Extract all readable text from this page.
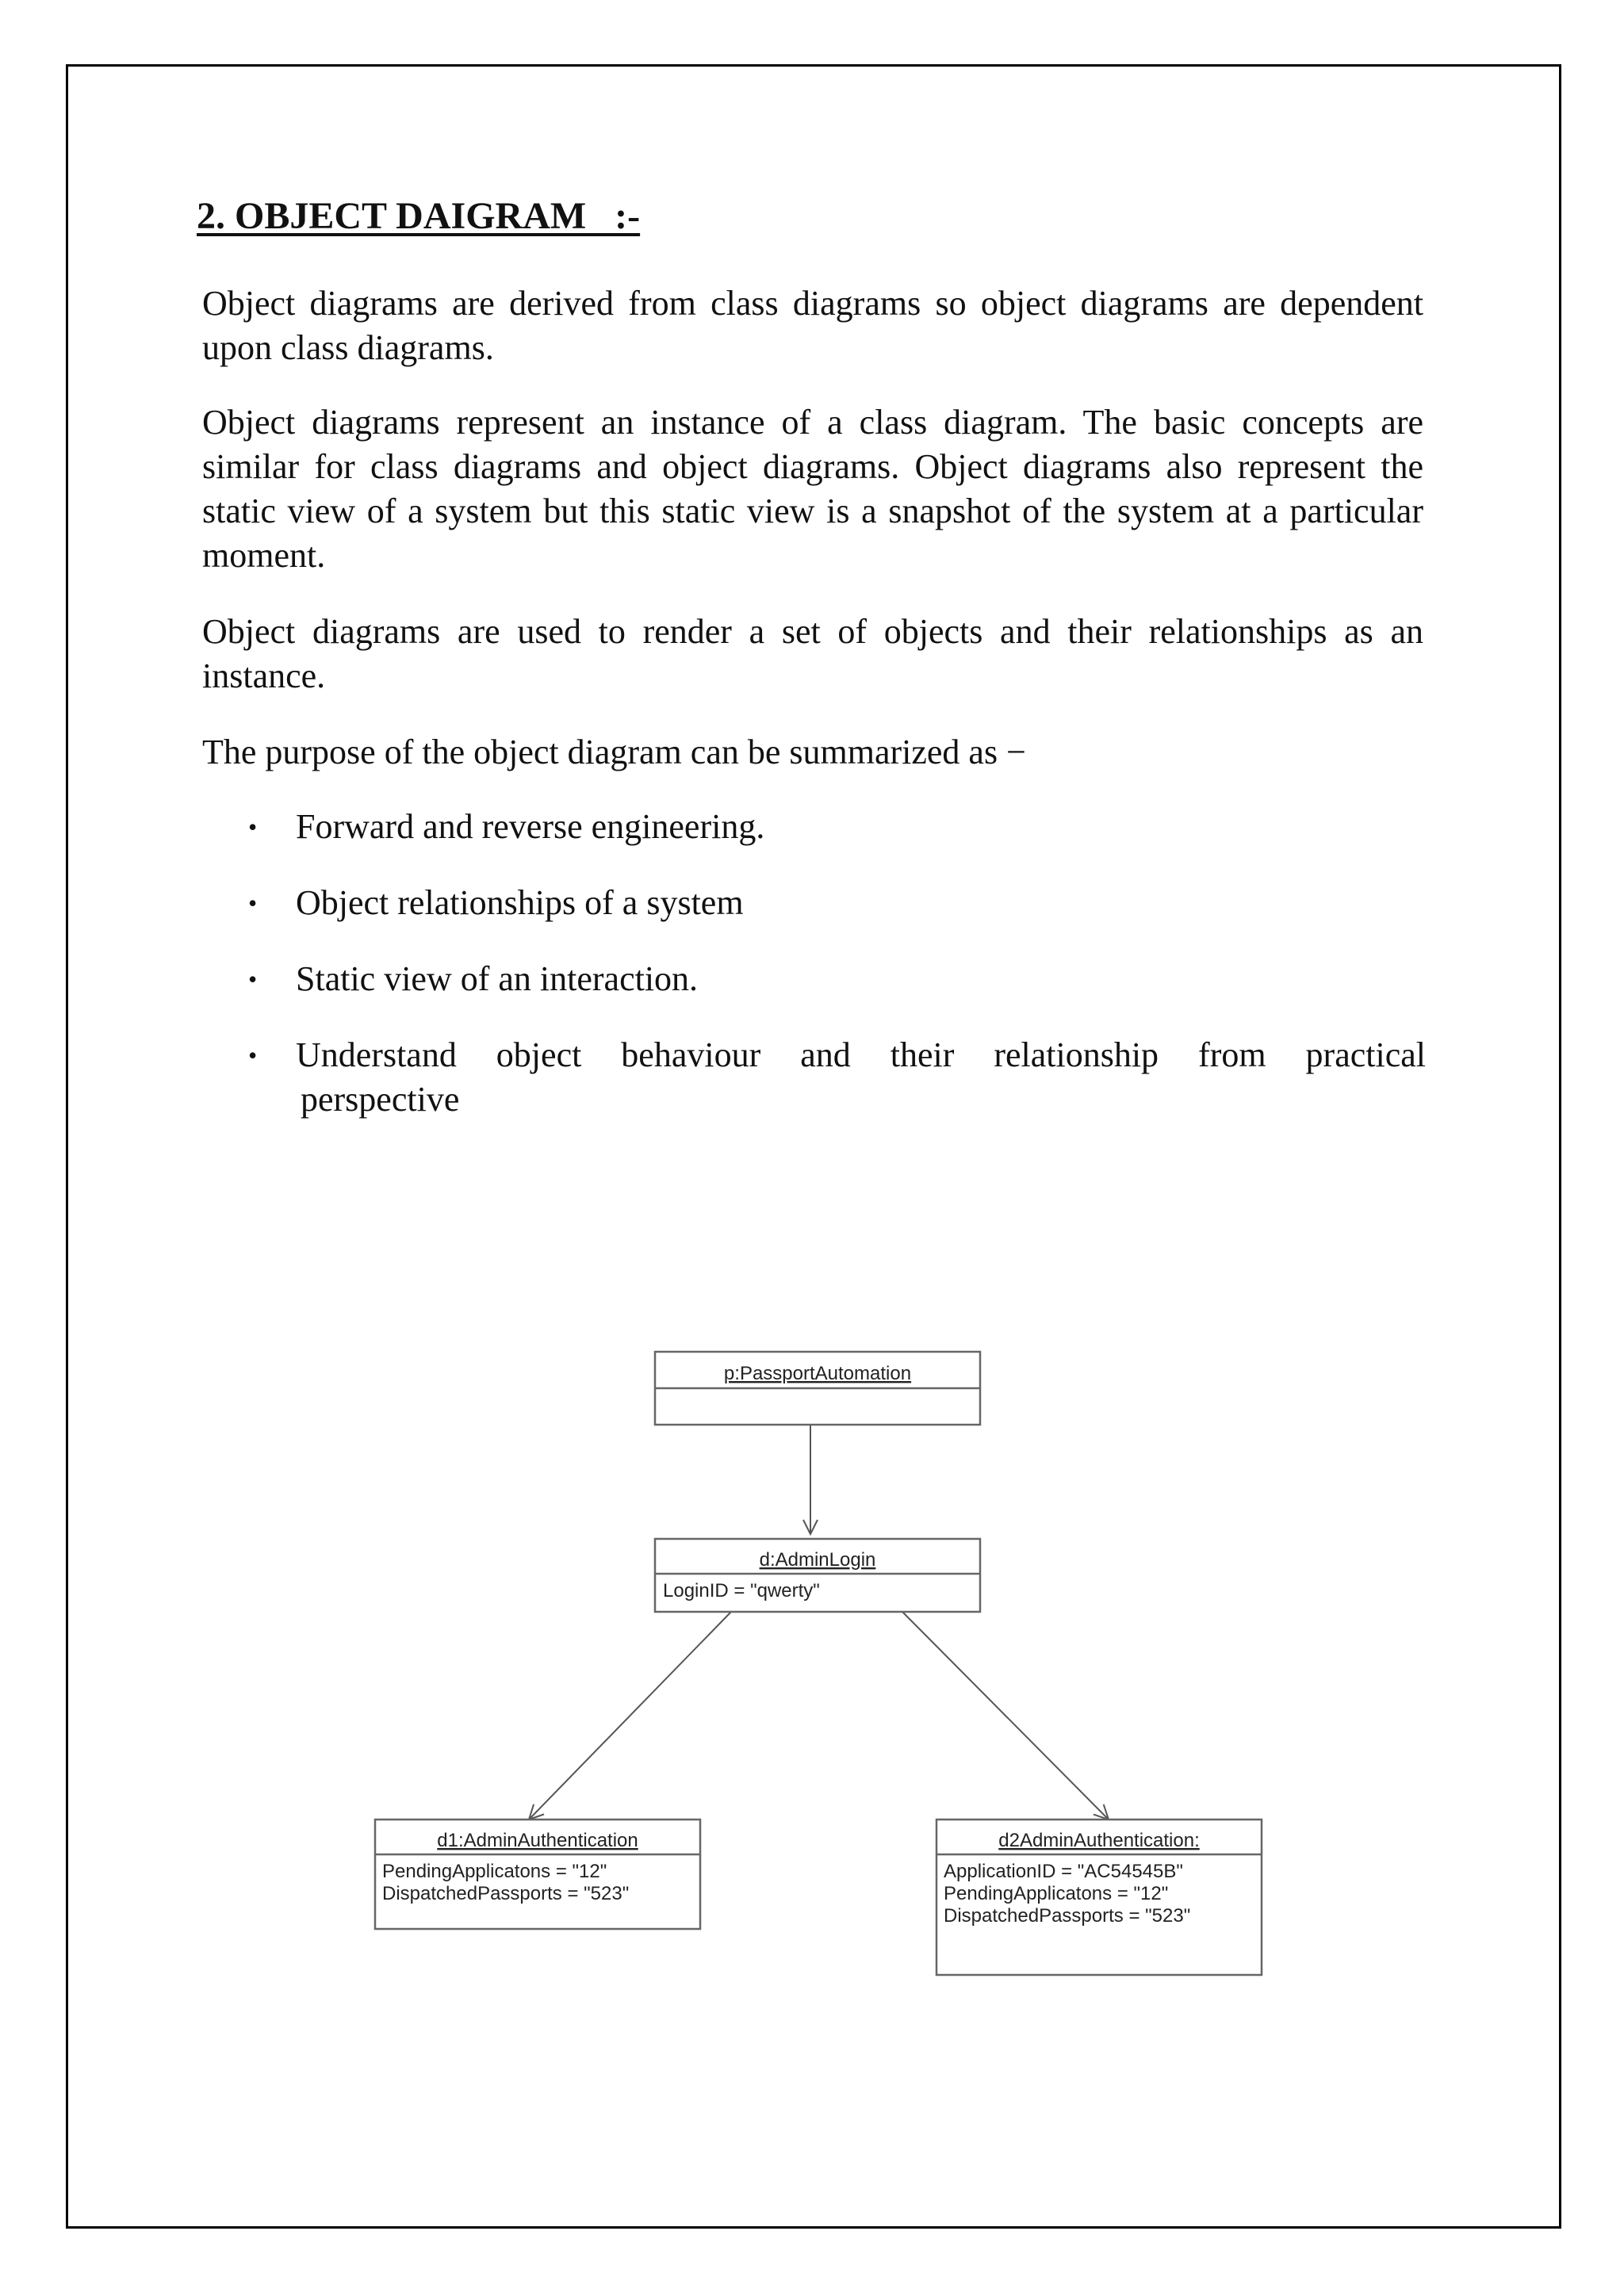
2. OBJECT DAIGRAM   :-

Object diagrams are derived from class diagrams so object diagrams are dependent upon class diagrams.

Object diagrams represent an instance of a class diagram. The basic concepts are similar for class diagrams and object diagrams. Object diagrams also represent the static view of a system but this static view is a snapshot of the system at a particular moment.

Object diagrams are used to render a set of objects and their relationships as an instance.

The purpose of the object diagram can be summarized as −

• Forward and reverse engineering.
• Object relationships of a system
• Static view of an interaction.
• Understand object behaviour and their relationship from practical
perspective
p:PassportAutomation
d:AdminLogin
LoginID = "qwerty"
d1:AdminAuthentication
PendingApplicatons = "12"
DispatchedPassports = "523"
d2AdminAuthentication:
ApplicationID = "AC54545B"
PendingApplicatons = "12"
DispatchedPassports = "523"
